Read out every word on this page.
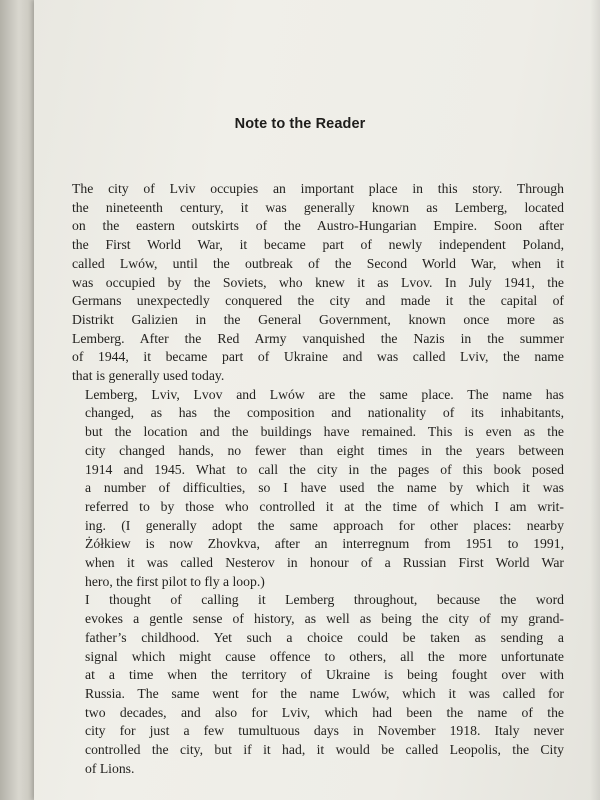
Note to the Reader

The city of Lviv occupies an important place in this story. Through
the nineteenth century, it was generally known as Lemberg, located
on the eastern outskirts of the Austro-Hungarian Empire. Soon after
the First World War, it became part of newly independent Poland,
called Lwów, until the outbreak of the Second World War, when it
was occupied by the Soviets, who knew it as Lvov. In July 1941, the
Germans unexpectedly conquered the city and made it the capital of
Distrikt Galizien in the General Government, known once more as
Lemberg. After the Red Army vanquished the Nazis in the summer
of 1944, it became part of Ukraine and was called Lviv, the name
that is generally used today.

Lemberg, Lviv, Lvov and Lwów are the same place. The name has
changed, as has the composition and nationality of its inhabitants,
but the location and the buildings have remained. This is even as the
city changed hands, no fewer than eight times in the years between
1914 and 1945. What to call the city in the pages of this book posed
a number of difficulties, so I have used the name by which it was
referred to by those who controlled it at the time of which I am writ-
ing. (I generally adopt the same approach for other places: nearby
Żółkiew is now Zhovkva, after an interregnum from 1951 to 1991,
when it was called Nesterov in honour of a Russian First World War
hero, the first pilot to fly a loop.)

I thought of calling it Lemberg throughout, because the word
evokes a gentle sense of history, as well as being the city of my grand-
father’s childhood. Yet such a choice could be taken as sending a
signal which might cause offence to others, all the more unfortunate
at a time when the territory of Ukraine is being fought over with
Russia. The same went for the name Lwów, which it was called for
two decades, and also for Lviv, which had been the name of the
city for just a few tumultuous days in November 1918. Italy never
controlled the city, but if it had, it would be called Leopolis, the City
of Lions.
